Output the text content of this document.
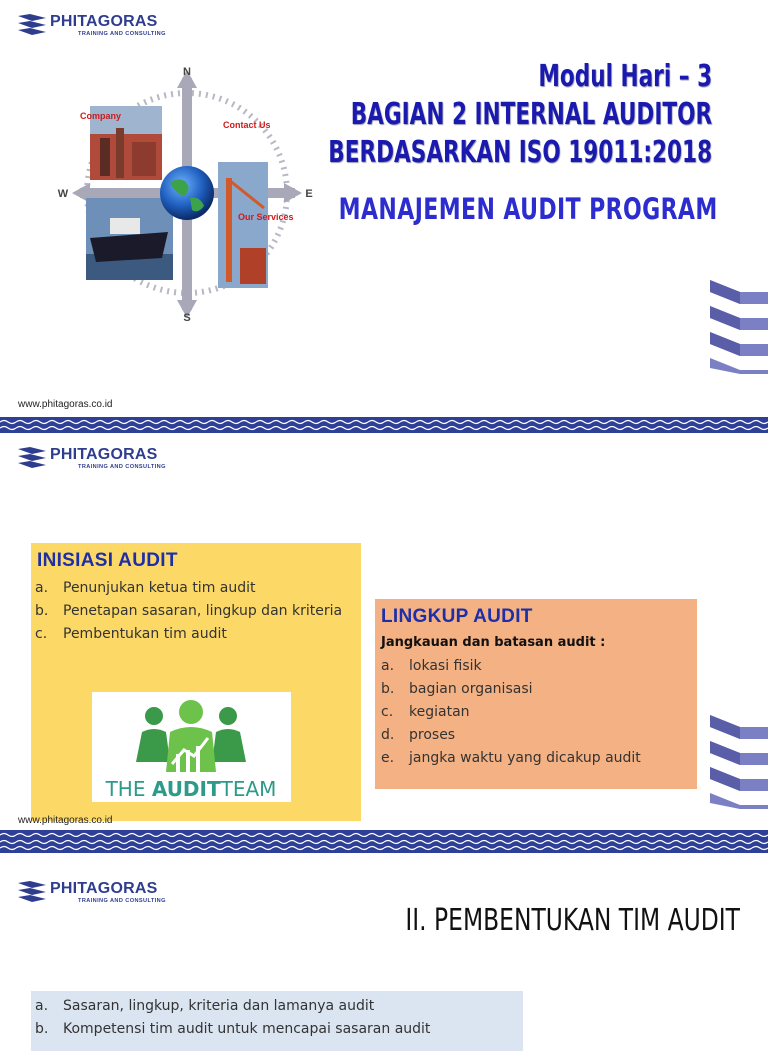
PHITAGORAS
TRAINING AND CONSULTING
N
S
E
W
Company
Contact Us
Our Services
Modul Hari – 3
BAGIAN 2 INTERNAL AUDITOR
BERDASARKAN ISO 19011:2018
MANAJEMEN AUDIT PROGRAM
www.phitagoras.co.id
PHITAGORAS
TRAINING AND CONSULTING
INISIASI AUDIT
a.	Penunjukan ketua tim audit
b.	Penetapan sasaran, lingkup dan kriteria
c.	Pembentukan tim audit
THE AUDITTEAM
LINGKUP AUDIT
Jangkauan dan batasan audit :
a.	lokasi fisik
b.	bagian organisasi
c.	kegiatan
d.	proses
e.	jangka waktu yang dicakup audit
www.phitagoras.co.id
PHITAGORAS
TRAINING AND CONSULTING
II. PEMBENTUKAN TIM AUDIT
a.	Sasaran, lingkup, kriteria dan lamanya audit
b.	Kompetensi tim audit untuk mencapai sasaran audit
